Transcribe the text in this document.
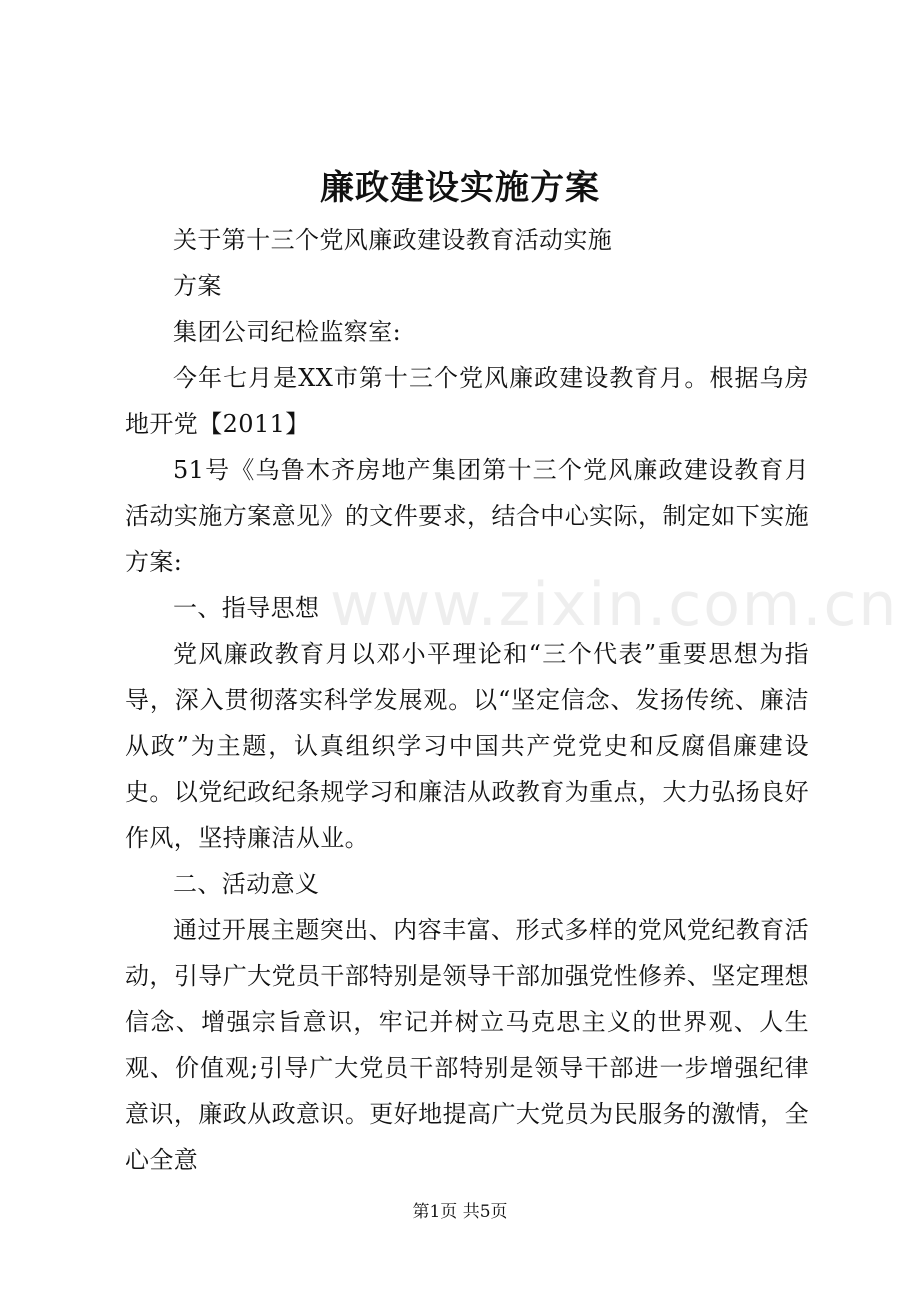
www.zixin.com.cn
廉政建设实施方案

关于第十三个党风廉政建设教育活动实施

方案

集团公司纪检监察室:

今年七月是XX市第十三个党风廉政建设教育月。根据乌房地开党【2011】

51号《乌鲁木齐房地产集团第十三个党风廉政建设教育月活动实施方案意见》的文件要求，结合中心实际，制定如下实施方案:

一、指导思想

党风廉政教育月以邓小平理论和“三个代表”重要思想为指导，深入贯彻落实科学发展观。以“坚定信念、发扬传统、廉洁从政”为主题，认真组织学习中国共产党党史和反腐倡廉建设史。以党纪政纪条规学习和廉洁从政教育为重点，大力弘扬良好作风，坚持廉洁从业。

二、活动意义

通过开展主题突出、内容丰富、形式多样的党风党纪教育活动，引导广大党员干部特别是领导干部加强党性修养、坚定理想信念、增强宗旨意识，牢记并树立马克思主义的世界观、人生观、价值观;引导广大党员干部特别是领导干部进一步增强纪律意识，廉政从政意识。更好地提高广大党员为民服务的激情，全心全意

第1页 共5页
